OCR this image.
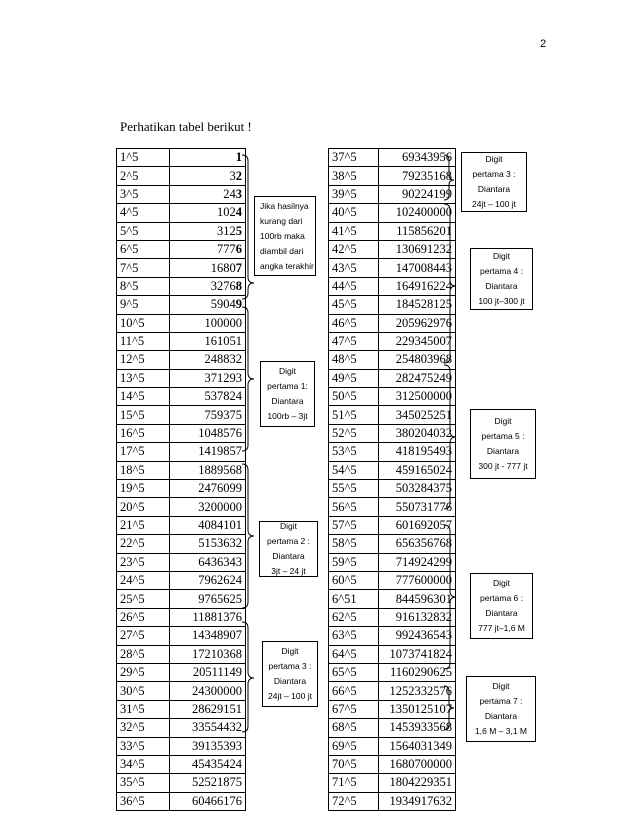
2
Perhatikan tabel berikut !
1^5	1
2^5	32
3^5	243
4^5	1024
5^5	3125
6^5	7776
7^5	16807
8^5	32768
9^5	59049
10^5	100000
11^5	161051
12^5	248832
13^5	371293
14^5	537824
15^5	759375
16^5	1048576
17^5	1419857
18^5	1889568
19^5	2476099
20^5	3200000
21^5	4084101
22^5	5153632
23^5	6436343
24^5	7962624
25^5	9765625
26^5	11881376
27^5	14348907
28^5	17210368
29^5	20511149
30^5	24300000
31^5	28629151
32^5	33554432
33^5	39135393
34^5	45435424
35^5	52521875
36^5	60466176
37^5	69343956
38^5	79235168
39^5	90224199
40^5	102400000
41^5	115856201
42^5	130691232
43^5	147008443
44^5	164916224
45^5	184528125
46^5	205962976
47^5	229345007
48^5	254803968
49^5	282475249
50^5	312500000
51^5	345025251
52^5	380204032
53^5	418195493
54^5	459165024
55^5	503284375
56^5	550731776
57^5	601692057
58^5	656356768
59^5	714924299
60^5	777600000
6^51	844596301
62^5	916132832
63^5	992436543
64^5	1073741824
65^5	1160290625
66^5	1252332576
67^5	1350125107
68^5	1453933568
69^5	1564031349
70^5	1680700000
71^5	1804229351
72^5	1934917632
Jika hasilnya
kurang dari
100rb maka
diambil dari
angka terakhir
Digit
pertama 1:
Diantara
100rb – 3jt
Digit
pertama 2 :
Diantara
3jt – 24 jt
Digit
pertama 3 :
Diantara
24jt – 100 jt
Digit
pertama 3 :
Diantara
24jt – 100 jt
Digit
pertama 4 :
Diantara
100 jt–300 jt
Digit
pertama 5 :
Diantara
300 jt - 777 jt
Digit
pertama 6 :
Diantara
777 jt–1,6 M
Digit
pertama 7 :
Diantara
1,6 M – 3,1 M
